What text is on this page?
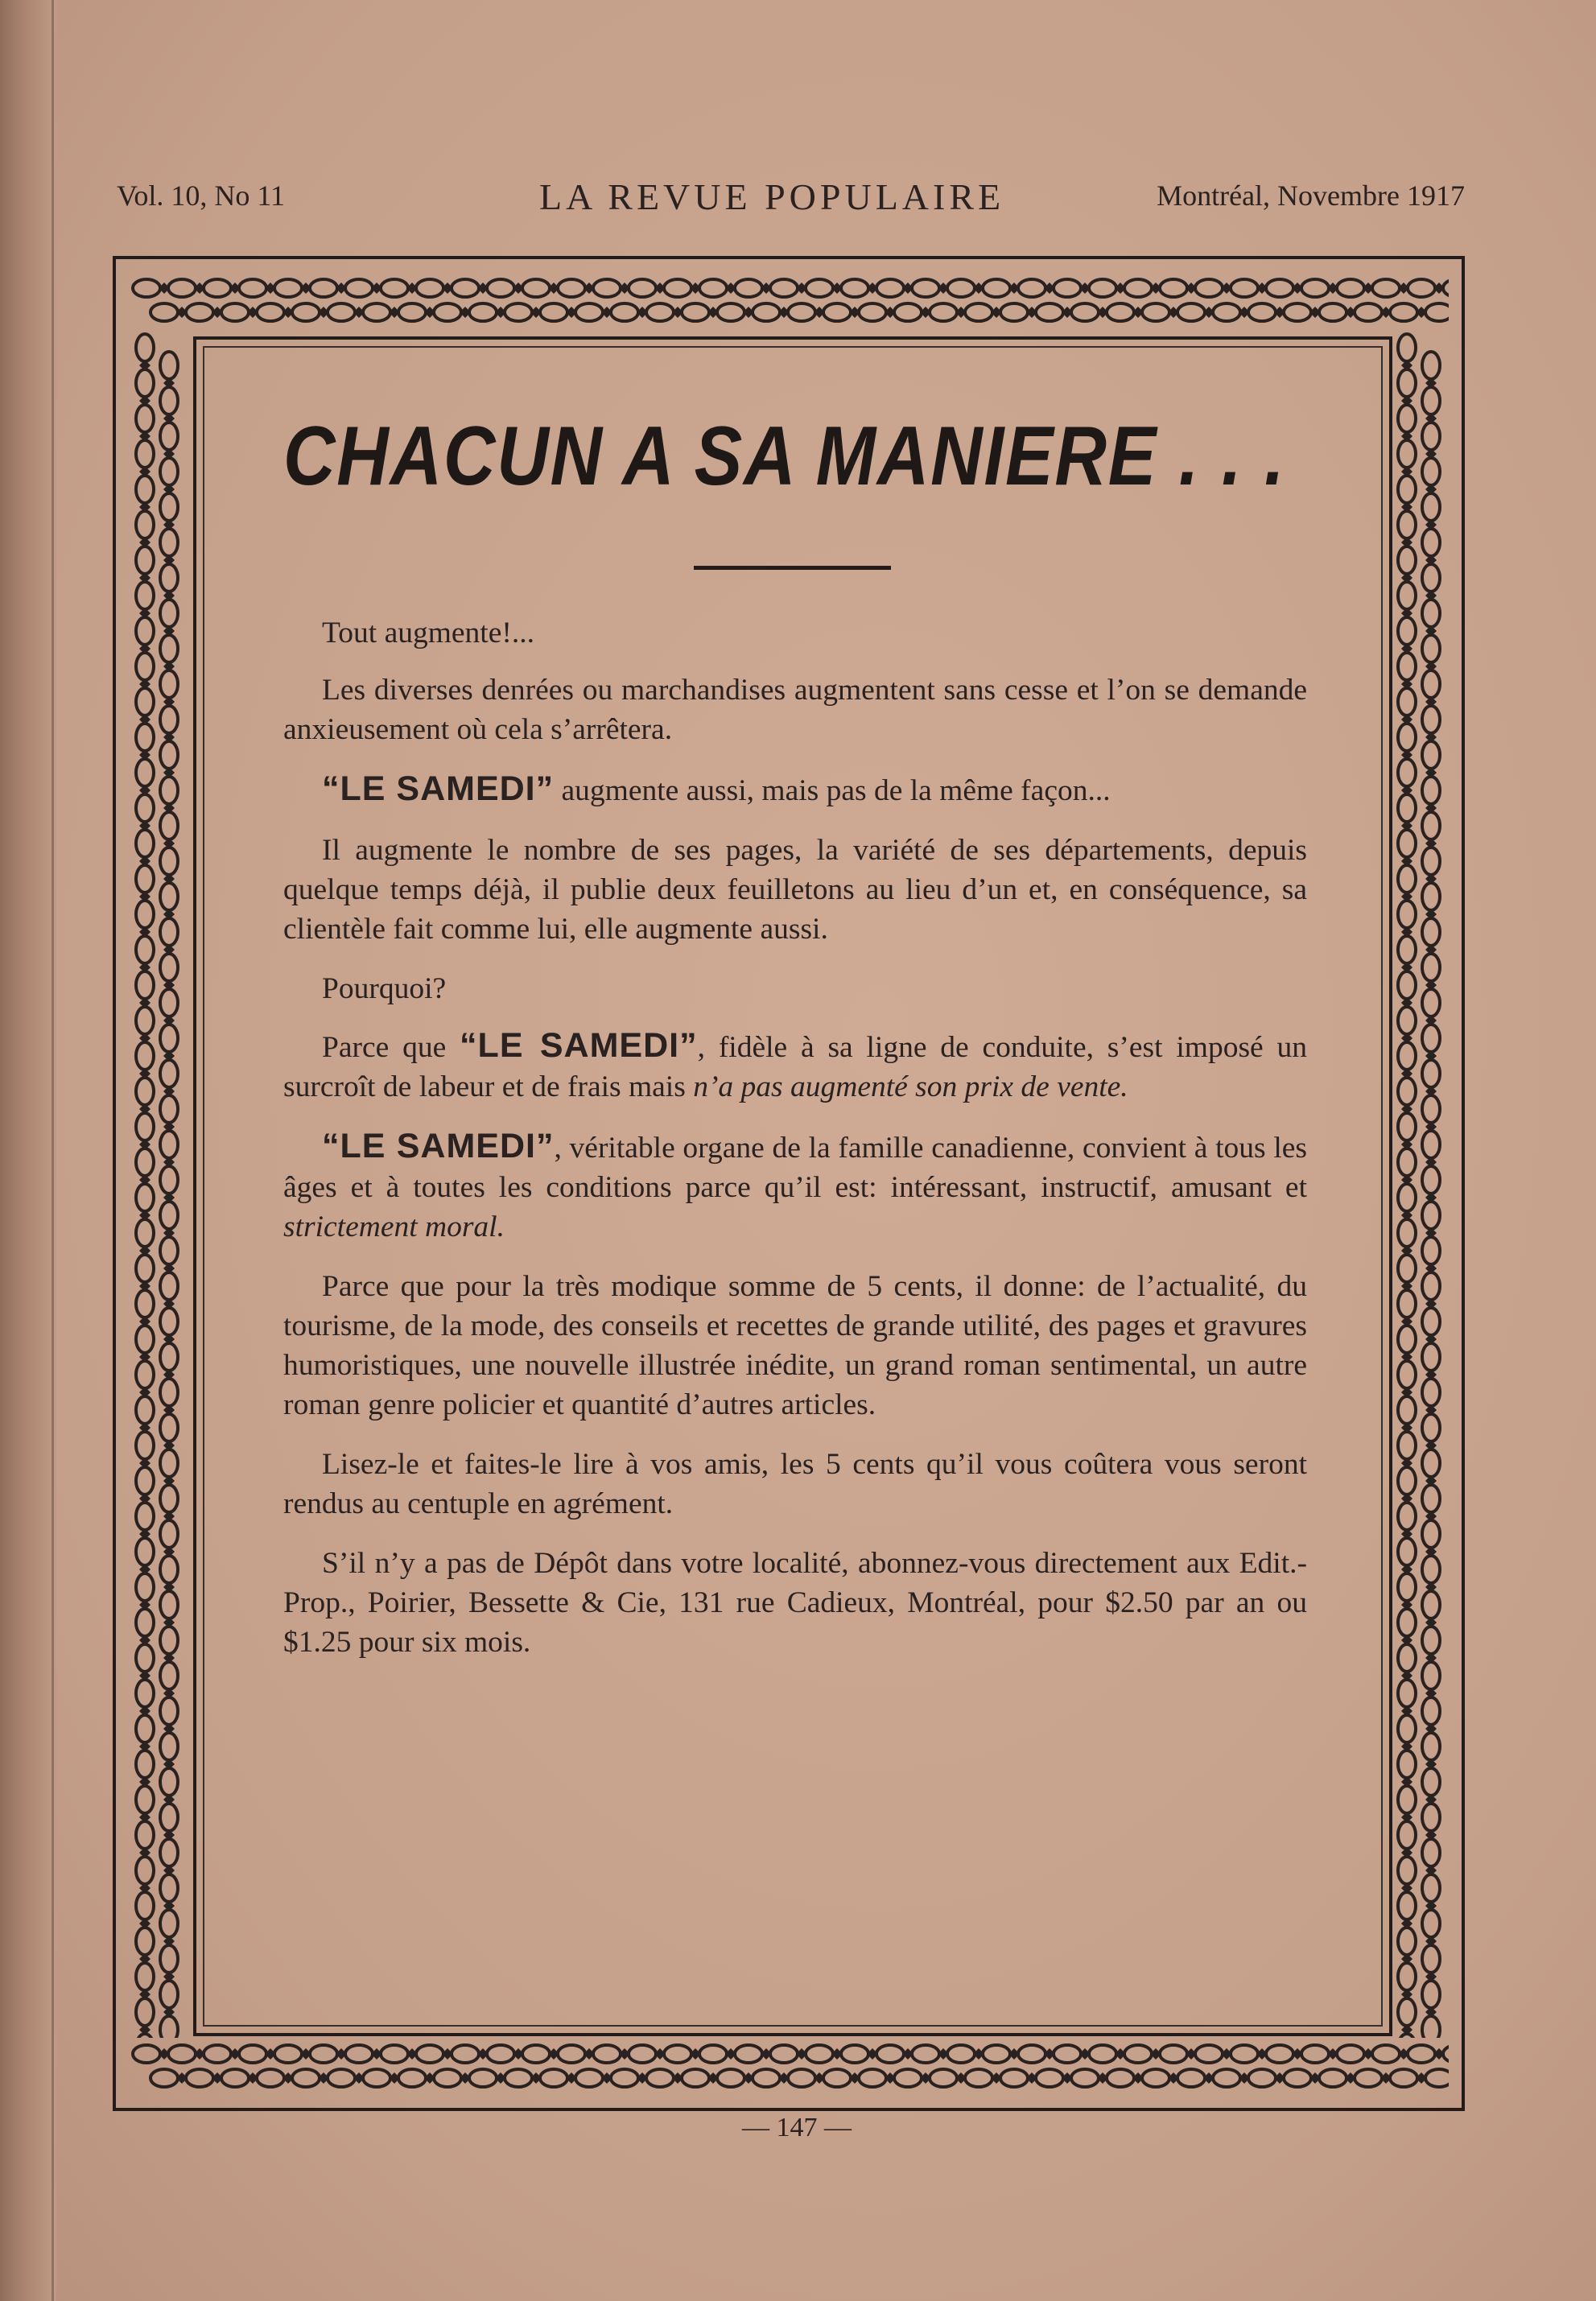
Vol. 10, No 11	LA REVUE POPULAIRE	Montréal, Novembre 1917
CHACUN A SA MANIERE . . .

Tout augmente!...

Les diverses denrées ou marchandises augmentent sans cesse et l’on se demande anxieusement où cela s’arrêtera.

“LE SAMEDI” augmente aussi, mais pas de la même façon...

Il augmente le nombre de ses pages, la variété de ses départements, depuis quelque temps déjà, il publie deux feuilletons au lieu d’un et, en conséquence, sa clientèle fait comme lui, elle augmente aussi.

Pourquoi?

Parce que “LE SAMEDI”, fidèle à sa ligne de conduite, s’est imposé un surcroît de labeur et de frais mais n’a pas augmenté son prix de vente.

“LE SAMEDI”, véritable organe de la famille canadienne, convient à tous les âges et à toutes les conditions parce qu’il est: intéressant, instructif, amusant et strictement moral.

Parce que pour la très modique somme de 5 cents, il donne: de l’actualité, du tourisme, de la mode, des conseils et recettes de grande utilité, des pages et gravures humoristiques, une nouvelle illustrée inédite, un grand roman sentimental, un autre roman genre policier et quantité d’autres articles.

Lisez-le et faites-le lire à vos amis, les 5 cents qu’il vous coûtera vous seront rendus au centuple en agrément.

S’il n’y a pas de Dépôt dans votre localité, abonnez-vous directement aux Edit.-Prop., Poirier, Bessette & Cie, 131 rue Cadieux, Montréal, pour $2.50 par an ou $1.25 pour six mois.

— 147 —
